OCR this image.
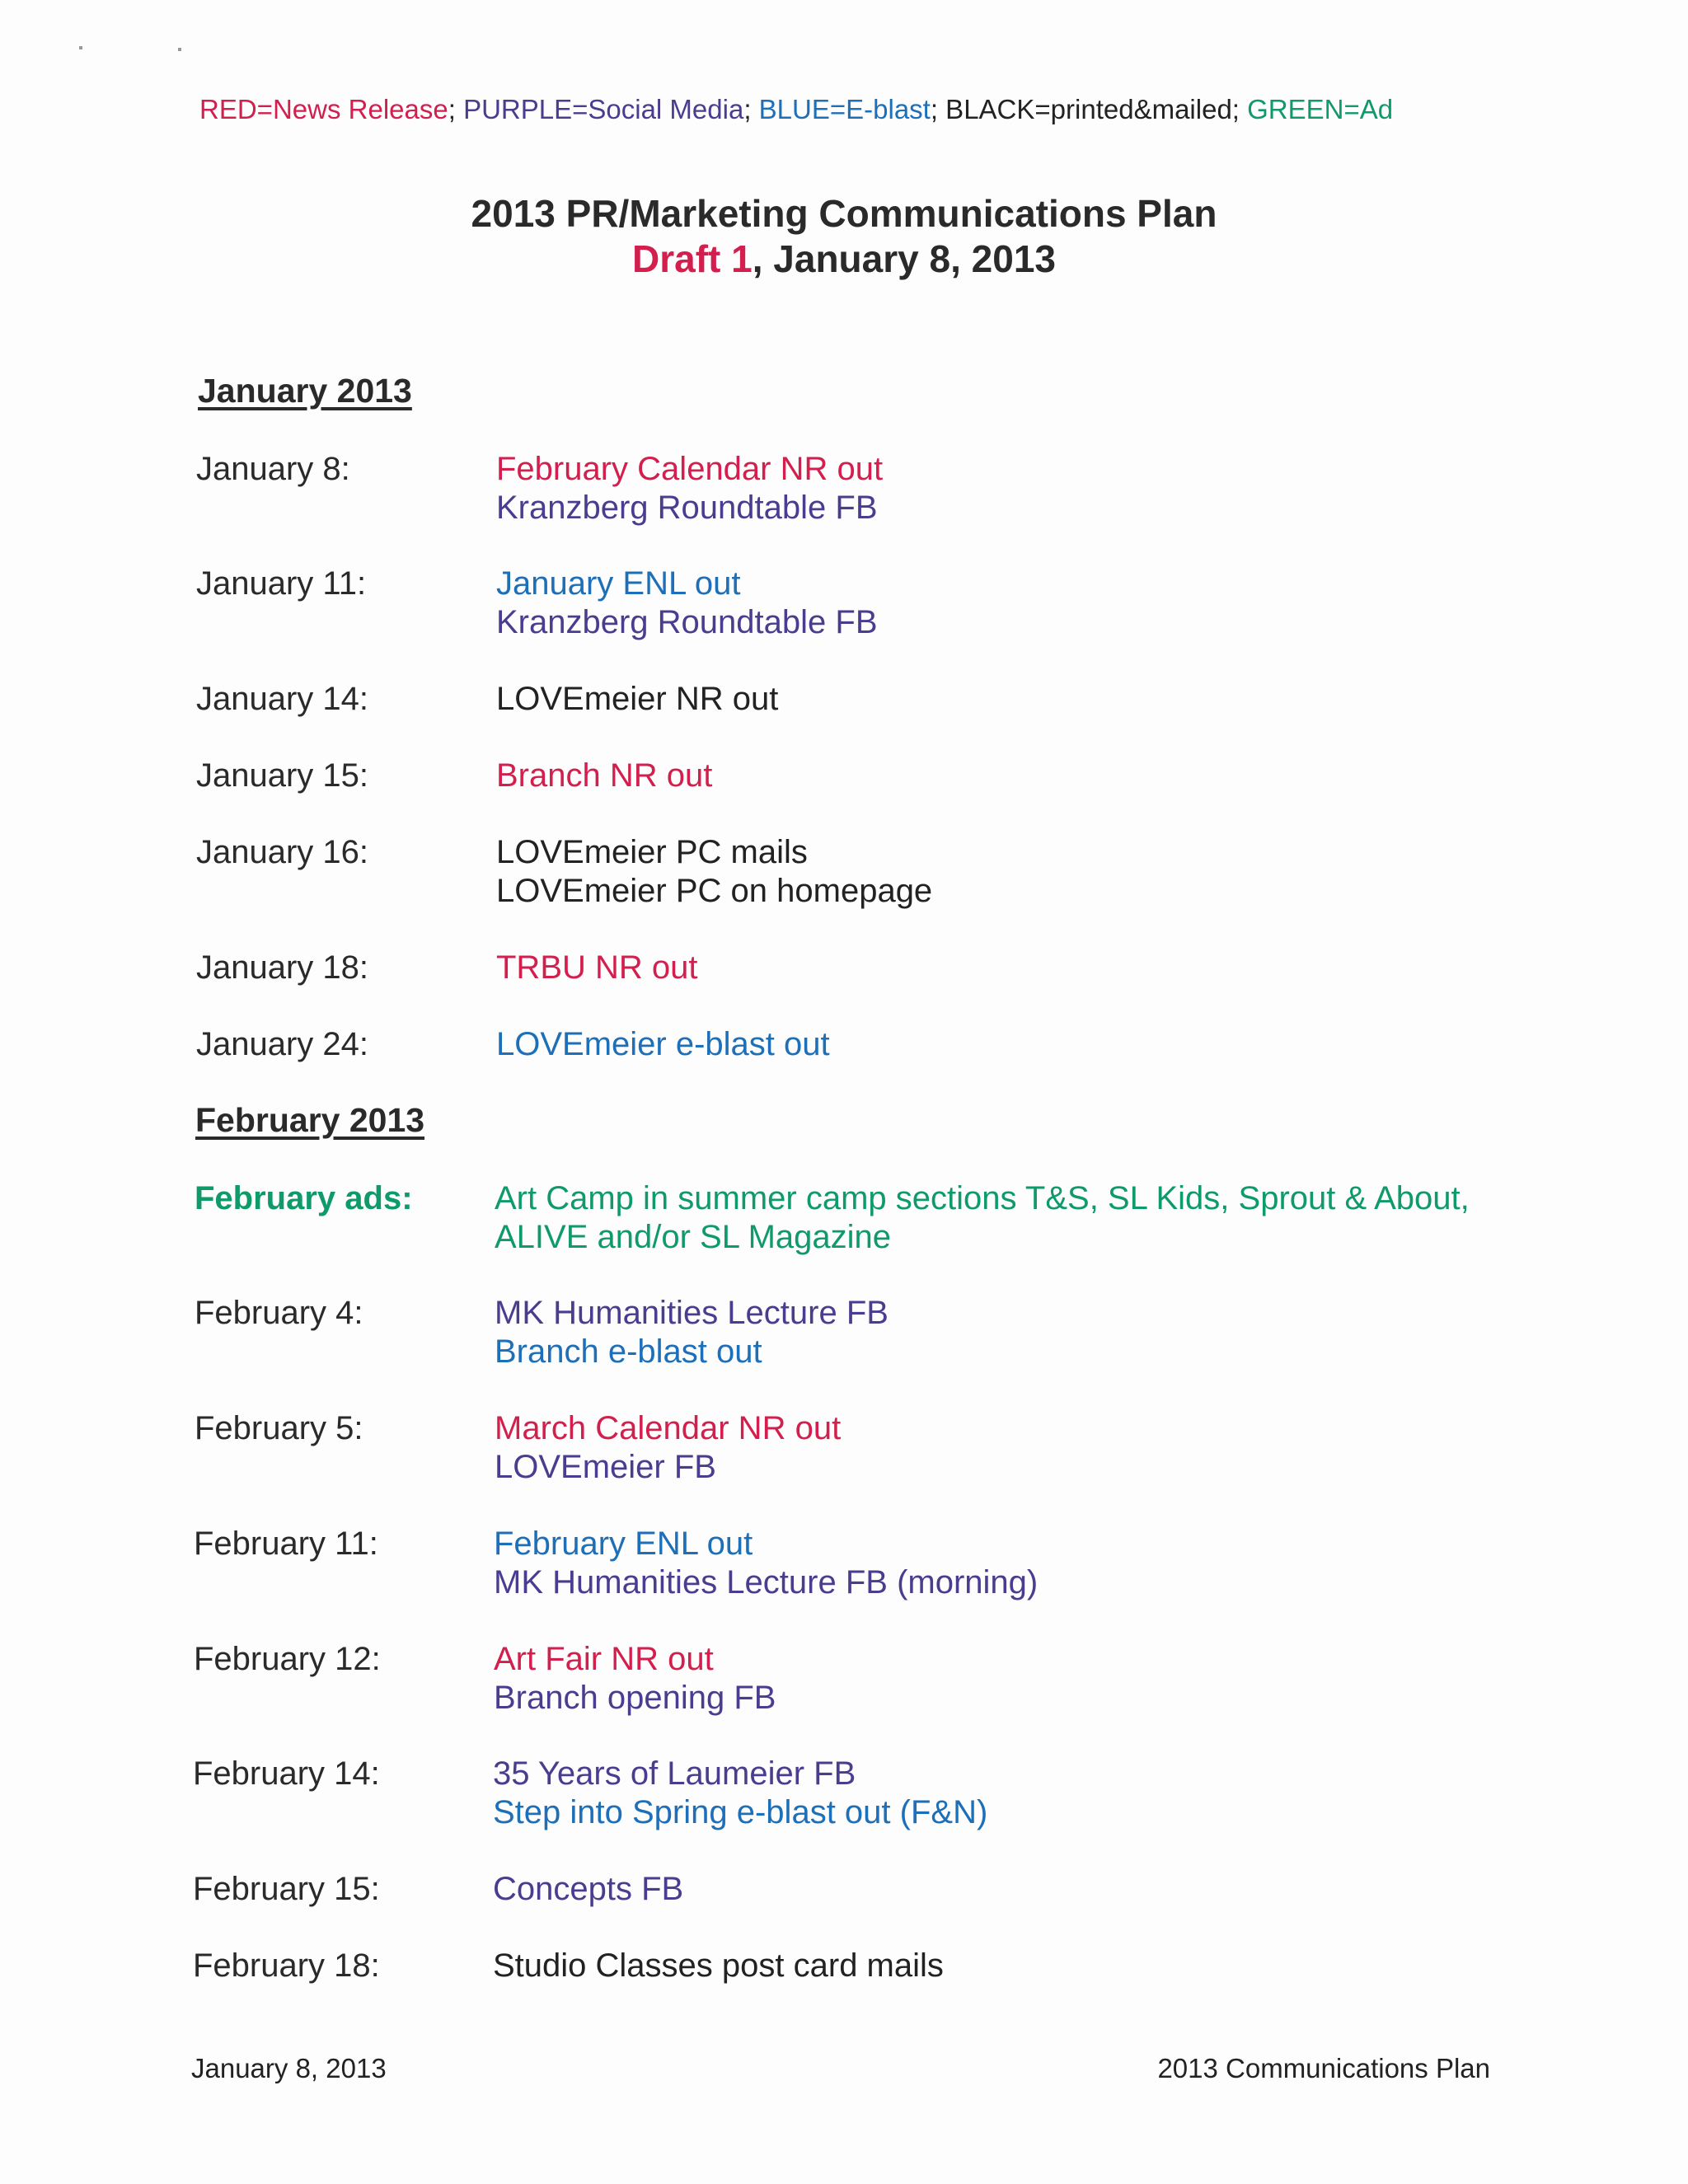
RED=News Release; PURPLE=Social Media; BLUE=E-blast; BLACK=printed&mailed; GREEN=Ad
2013 PR/Marketing Communications Plan
Draft 1, January 8, 2013
January 2013
January 8:	February Calendar NR out
Kranzberg Roundtable FB
January 11:	January ENL out
Kranzberg Roundtable FB
January 14:	LOVEmeier NR out
January 15:	Branch NR out
January 16:	LOVEmeier PC mails
LOVEmeier PC on homepage
January 18:	TRBU NR out
January 24:	LOVEmeier e-blast out
February 2013
February ads: Art Camp in summer camp sections T&S, SL Kids, Sprout & About,
ALIVE and/or SL Magazine
February 4:	MK Humanities Lecture FB
Branch e-blast out
February 5:	March Calendar NR out
LOVEmeier FB
February 11:	February ENL out
MK Humanities Lecture FB (morning)
February 12:	Art Fair NR out
Branch opening FB
February 14:	35 Years of Laumeier FB
Step into Spring e-blast out (F&N)
February 15:	Concepts FB
February 18:	Studio Classes post card mails
January 8, 2013	2013 Communications Plan
